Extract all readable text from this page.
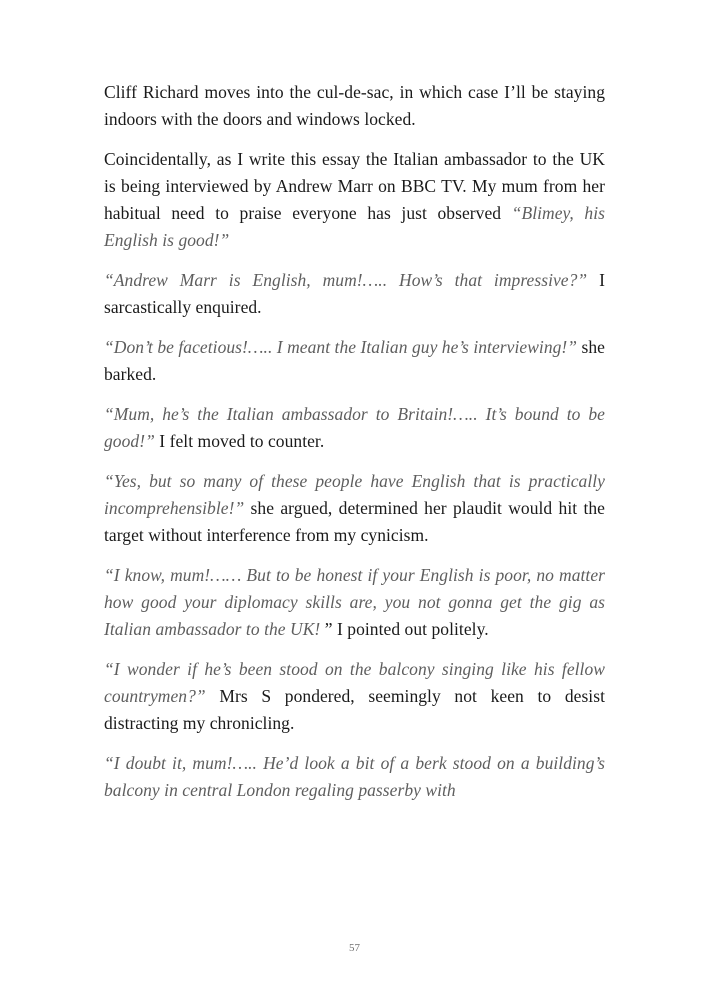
Cliff Richard moves into the cul-de-sac, in which case I’ll be staying indoors with the doors and windows locked.

Coincidentally, as I write this essay the Italian ambassador to the UK is being interviewed by Andrew Marr on BBC TV. My mum from her habitual need to praise everyone has just observed “Blimey, his English is good!”

“Andrew Marr is English, mum!….. How’s that impressive?” I sarcastically enquired.

“Don’t be facetious!….. I meant the Italian guy he’s interviewing!” she barked.

“Mum, he’s the Italian ambassador to Britain!….. It’s bound to be good!” I felt moved to counter.

“Yes, but so many of these people have English that is practically incomprehensible!” she argued, determined her plaudit would hit the target without interference from my cynicism.

“I know, mum!…… But to be honest if your English is poor, no matter how good your diplomacy skills are, you not gonna get the gig as Italian ambassador to the UK! ” I pointed out politely.

“I wonder if he’s been stood on the balcony singing like his fellow countrymen?” Mrs S pondered, seemingly not keen to desist distracting my chronicling.

“I doubt it, mum!….. He’d look a bit of a berk stood on a building’s balcony in central London regaling passerby with

57
